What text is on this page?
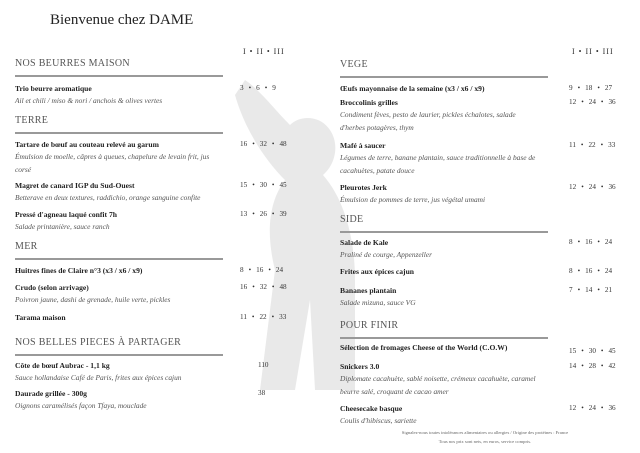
Bienvenue chez DAME
I • II • III	I • II • III
NOS BEURRES MAISON
Trio beurre aromatique
Ail et chili / miso & nori / anchois & olives vertes
3 • 6 • 9
TERRE
Tartare de bœuf au couteau relevé au garum
Émulsion de moelle, câpres à queues, chapelure de levain frit, jus
corsé
16 • 32 • 48
Magret de canard IGP du Sud-Ouest
Betterave en deux textures, raddichio, orange sanguine confite
15 • 30 • 45
Pressé d'agneau laqué confit 7h
Salade printanière, sauce ranch
13 • 26 • 39
MER
Huitres fines de Claire n°3 (x3 / x6 / x9)	8 • 16 • 24
Crudo (selon arrivage)
Poivron jaune, dashi de grenade, huile verte, pickles
16 • 32 • 48
Tarama maison	11 • 22 • 33
NOS BELLES PIECES À PARTAGER
Côte de bœuf Aubrac - 1,1 kg
Sauce hollandaise Café de Paris, frites aux épices cajun
110
Daurade grillée - 300g
Oignons caramélisés façon Tfaya, mouclade
38
VEGE
Œufs mayonnaise de la semaine (x3 / x6 / x9)	9 • 18 • 27
Broccolinis grilles
Condiment fèves, pesto de laurier, pickles échalotes, salade
d'herbes potagères, thym
12 • 24 • 36
Mafé à saucer
Légumes de terre, banane plantain, sauce traditionnelle à base de
cacahuètes, patate douce
11 • 22 • 33
Pleurotes Jerk
Émulsion de pommes de terre, jus végétal umami
12 • 24 • 36
SIDE
Salade de Kale
Praliné de courge, Appenzeller
8 • 16 • 24
Frites aux épices cajun	8 • 16 • 24
Bananes plantain
Salade mizuna, sauce VG
7 • 14 • 21
POUR FINIR
Sélection de fromages Cheese of the World (C.O.W)	15 • 30 • 45
Snickers 3.0
Diplomate cacahuète, sablé noisette, crémeux cacahuète, caramel
beurre salé, croquant de cacao amer
14 • 28 • 42
Cheesecake basque
Coulis d'hibiscus, sariette
12 • 24 • 36
Signalez-nous toutes intolérances alimentaires ou allergies / Origine des protéines : France
Tous nos prix sont nets, en euros, service compris.
